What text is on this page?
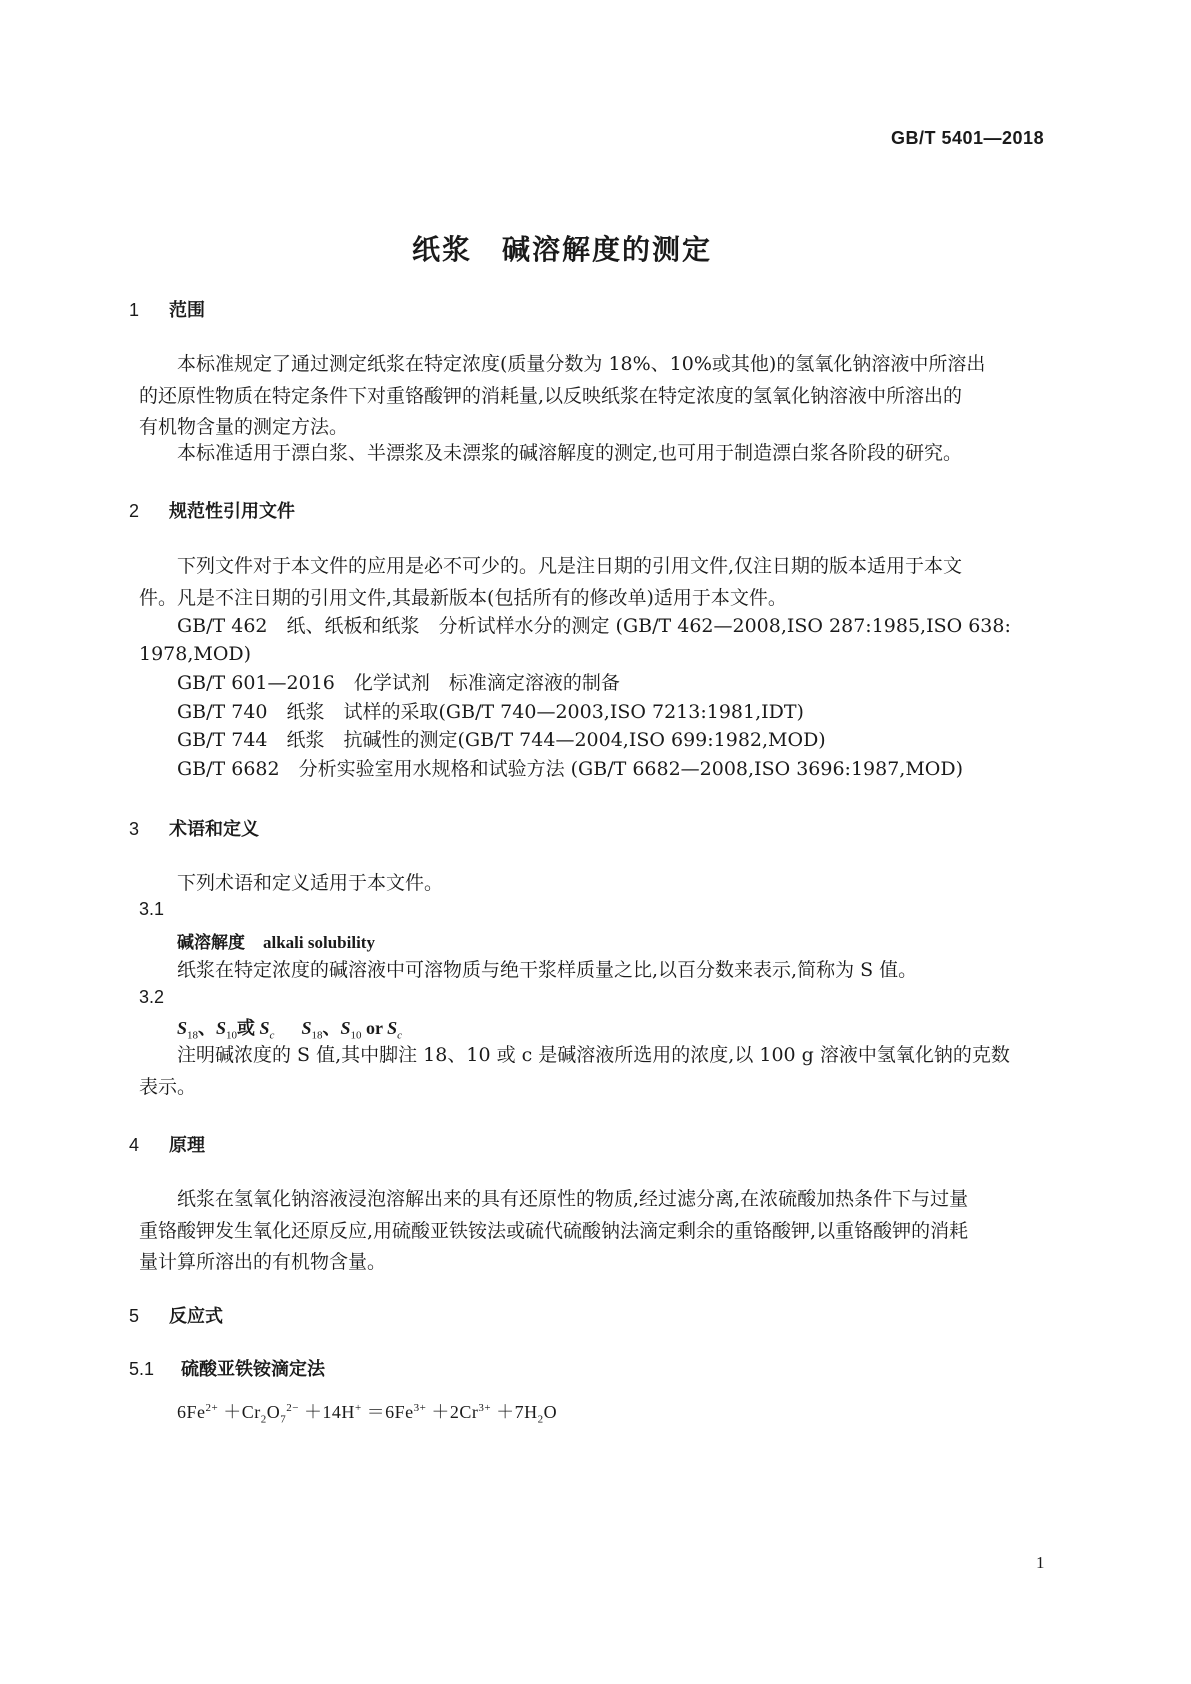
GB/T 5401—2018
纸浆　碱溶解度的测定
1 范围
本标准规定了通过测定纸浆在特定浓度(质量分数为 18%、10%或其他)的氢氧化钠溶液中所溶出
的还原性物质在特定条件下对重铬酸钾的消耗量,以反映纸浆在特定浓度的氢氧化钠溶液中所溶出的
有机物含量的测定方法。
本标准适用于漂白浆、半漂浆及未漂浆的碱溶解度的测定,也可用于制造漂白浆各阶段的研究。
2 规范性引用文件
下列文件对于本文件的应用是必不可少的。凡是注日期的引用文件,仅注日期的版本适用于本文
件。凡是不注日期的引用文件,其最新版本(包括所有的修改单)适用于本文件。
GB/T 462　纸、纸板和纸浆　分析试样水分的测定 (GB/T 462—2008,ISO 287:1985,ISO 638:
1978,MOD)
GB/T 601—2016　化学试剂　标准滴定溶液的制备
GB/T 740　纸浆　试样的采取(GB/T 740—2003,ISO 7213:1981,IDT)
GB/T 744　纸浆　抗碱性的测定(GB/T 744—2004,ISO 699:1982,MOD)
GB/T 6682　分析实验室用水规格和试验方法 (GB/T 6682—2008,ISO 3696:1987,MOD)
3 术语和定义
下列术语和定义适用于本文件。
3.1
碱溶解度 alkali solubility
纸浆在特定浓度的碱溶液中可溶物质与绝干浆样质量之比,以百分数来表示,简称为 S 值。
3.2
$S_{18}$、$S_{10}$或 $S_c$ $S_{18}$、$S_{10}$ or $S_c$
注明碱浓度的 S 值,其中脚注 18、10 或 c 是碱溶液所选用的浓度,以 100 g 溶液中氢氧化钠的克数
表示。
4 原理
纸浆在氢氧化钠溶液浸泡溶解出来的具有还原性的物质,经过滤分离,在浓硫酸加热条件下与过量
重铬酸钾发生氧化还原反应,用硫酸亚铁铵法或硫代硫酸钠法滴定剩余的重铬酸钾,以重铬酸钾的消耗
量计算所溶出的有机物含量。
5 反应式
5.1 硫酸亚铁铵滴定法
$6Fe^{2+} +Cr_2O_7^{2-} +14H^+ =6Fe^{3+} +2Cr^{3+} +7H_2O$
1
